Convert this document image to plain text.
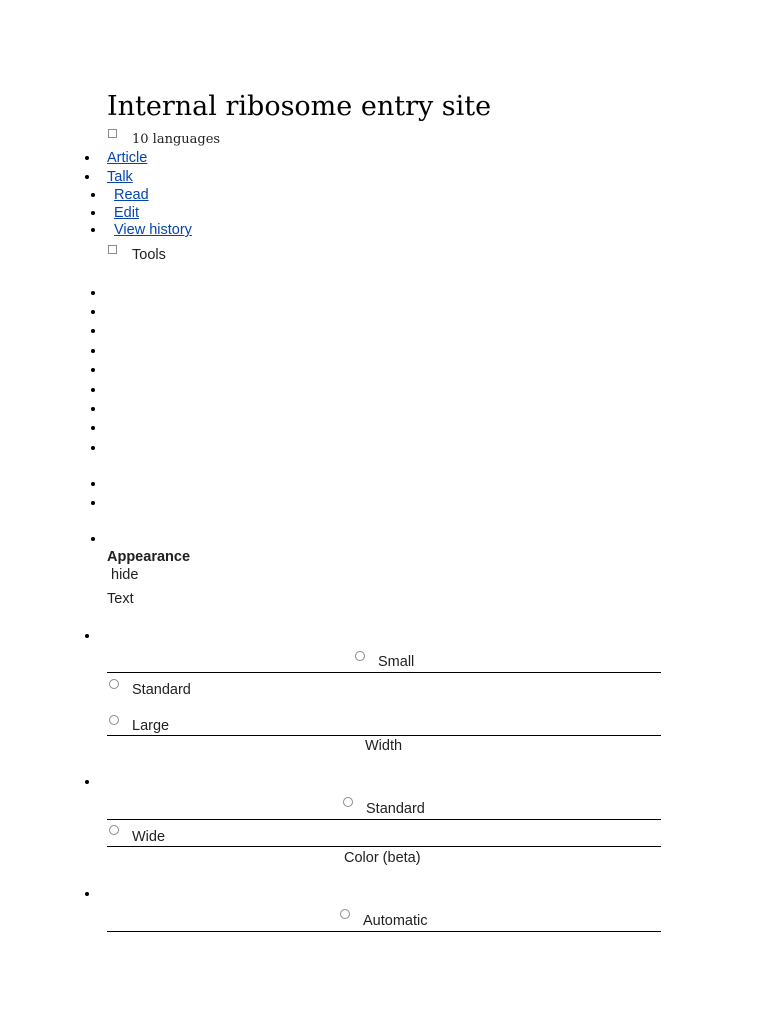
Internal ribosome entry site
10 languages
Article
Talk
Read
Edit
View history
Tools
Appearance
hide
Text
Small
Standard
Large
Width
Standard
Wide
Color (beta)
Automatic
